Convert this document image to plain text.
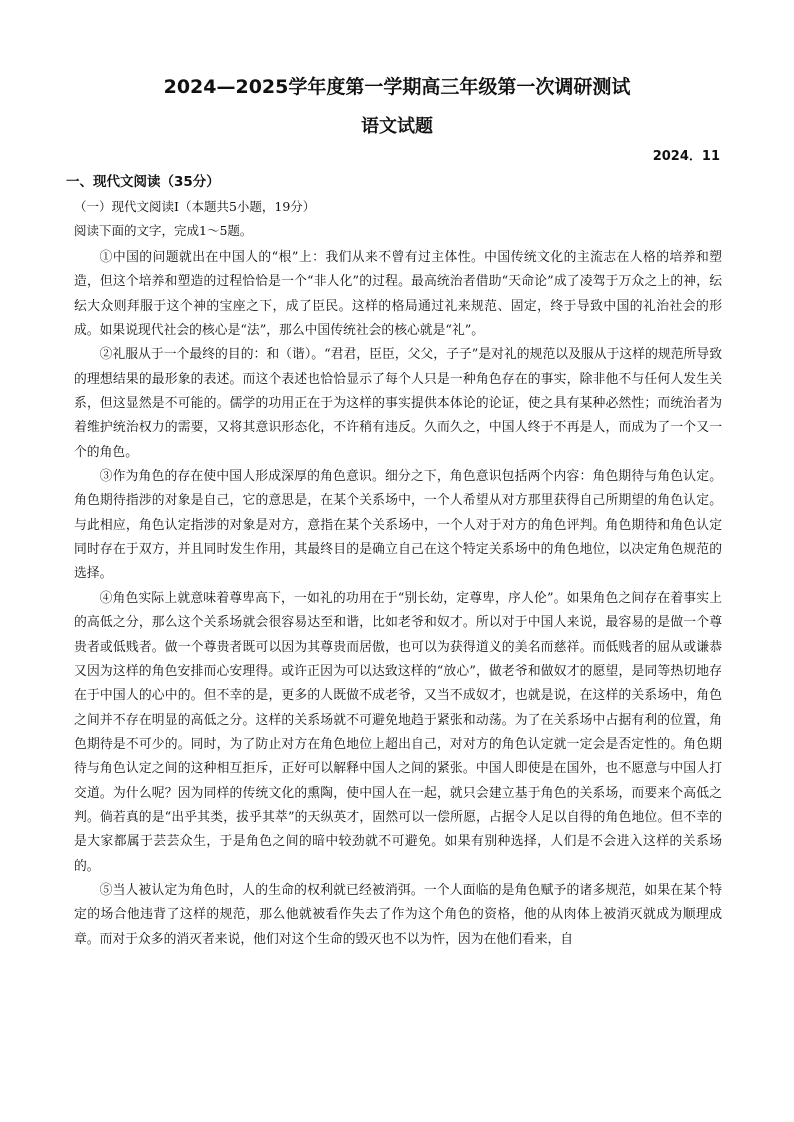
2024—2025学年度第一学期高三年级第一次调研测试
语文试题
2024．11
一、现代文阅读（35分）
（一）现代文阅读Ⅰ（本题共5小题，19分）
阅读下面的文字，完成1～5题。

①中国的问题就出在中国人的“根”上：我们从来不曾有过主体性。中国传统文化的主流志在人格的培养和塑造，但这个培养和塑造的过程恰恰是一个“非人化”的过程。最高统治者借助“天命论”成了凌驾于万众之上的神，纭纭大众则拜服于这个神的宝座之下，成了臣民。这样的格局通过礼来规范、固定，终于导致中国的礼治社会的形成。如果说现代社会的核心是“法”，那么中国传统社会的核心就是“礼”。

②礼服从于一个最终的目的：和（谐）。“君君，臣臣，父父，子子”是对礼的规范以及服从于这样的规范所导致的理想结果的最形象的表述。而这个表述也恰恰显示了每个人只是一种角色存在的事实，除非他不与任何人发生关系，但这显然是不可能的。儒学的功用正在于为这样的事实提供本体论的论证，使之具有某种必然性；而统治者为着维护统治权力的需要，又将其意识形态化，不许稍有违反。久而久之，中国人终于不再是人，而成为了一个又一个的角色。

③作为角色的存在使中国人形成深厚的角色意识。细分之下，角色意识包括两个内容：角色期待与角色认定。角色期待指涉的对象是自己，它的意思是，在某个关系场中，一个人希望从对方那里获得自己所期望的角色认定。与此相应，角色认定指涉的对象是对方，意指在某个关系场中，一个人对于对方的角色评判。角色期待和角色认定同时存在于双方，并且同时发生作用，其最终目的是确立自己在这个特定关系场中的角色地位，以决定角色规范的选择。

④角色实际上就意味着尊卑高下，一如礼的功用在于“别长幼，定尊卑，序人伦”。如果角色之间存在着事实上的高低之分，那么这个关系场就会很容易达至和谐，比如老爷和奴才。所以对于中国人来说，最容易的是做一个尊贵者或低贱者。做一个尊贵者既可以因为其尊贵而居傲，也可以为获得道义的美名而慈祥。而低贱者的屈从或谦恭又因为这样的角色安排而心安理得。或许正因为可以达致这样的“放心”，做老爷和做奴才的愿望，是同等热切地存在于中国人的心中的。但不幸的是，更多的人既做不成老爷，又当不成奴才，也就是说，在这样的关系场中，角色之间并不存在明显的高低之分。这样的关系场就不可避免地趋于紧张和动荡。为了在关系场中占据有利的位置，角色期待是不可少的。同时，为了防止对方在角色地位上超出自己，对对方的角色认定就一定会是否定性的。角色期待与角色认定之间的这种相互拒斥，正好可以解释中国人之间的紧张。中国人即使是在国外，也不愿意与中国人打交道。为什么呢？因为同样的传统文化的熏陶，使中国人在一起，就只会建立基于角色的关系场，而要来个高低之判。倘若真的是“出乎其类，拔乎其萃”的天纵英才，固然可以一偿所愿，占据令人足以自得的角色地位。但不幸的是大家都属于芸芸众生，于是角色之间的暗中较劲就不可避免。如果有别种选择，人们是不会进入这样的关系场的。

⑤当人被认定为角色时，人的生命的权利就已经被消弭。一个人面临的是角色赋予的诸多规范，如果在某个特定的场合他违背了这样的规范，那么他就被看作失去了作为这个角色的资格，他的从肉体上被消灭就成为顺理成章。而对于众多的消灭者来说，他们对这个生命的毁灭也不以为忤，因为在他们看来，自
